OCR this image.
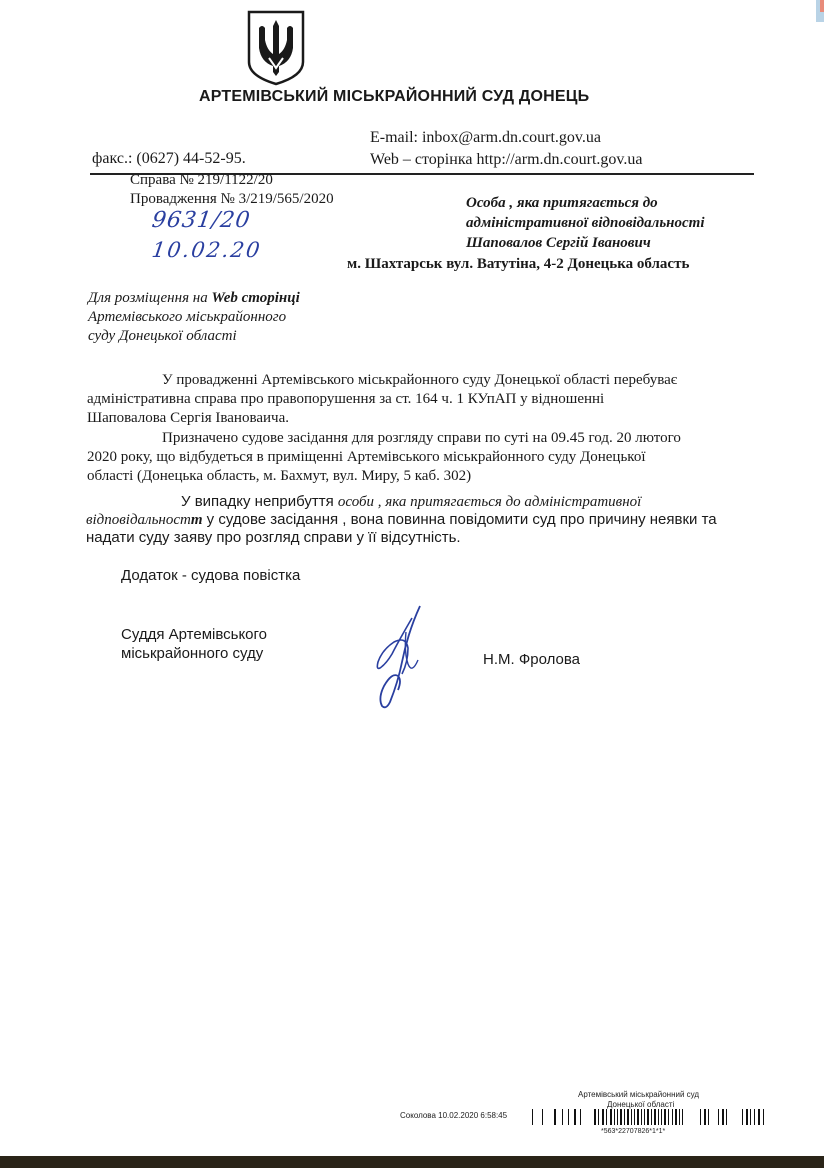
АРТЕМІВСЬКИЙ МІСЬКРАЙОННИЙ СУД ДОНЕЦЬ
E-mail: inbox@arm.dn.court.gov.ua
факс.: (0627) 44-52-95.	Web – сторінка http://arm.dn.court.gov.ua
Справа № 219/1122/20
Провадження № 3/219/565/2020
9631/20
10.02.20
Особа , яка притягається до
адміністративної відповідальності
Шаповалов Сергій Іванович
м. Шахтарськ вул. Ватутіна, 4-2 Донецька область
Для розміщення на Web сторінці
Артемівського міськрайонного
суду Донецької області
У провадженні Артемівського міськрайонного суду Донецької області перебуває
адміністративна справа про правопорушення за ст. 164 ч. 1 КУпАП у відношенні
Шаповалова Сергія Івановаича.
Призначено судове засідання для розгляду справи по суті на 09.45 год. 20 лютого
2020 року, що відбудеться в приміщенні Артемівського міськрайонного суду Донецької
області (Донецька область, м. Бахмут, вул. Миру, 5 каб. 302)
У випадку неприбуття особи , яка притягається до адміністративної
відповідальностт у судове засідання , вона повинна повідомити суд про причину неявки та
надати суду заяву про розгляд справи у її відсутність.
Додаток - судова повістка
Суддя Артемівського
міськрайонного суду	Н.М. Фролова
Артемівський міськрайонний суд
Донецької області
Соколова 10.02.2020 6:58:45
*563*22707826*1*1*
